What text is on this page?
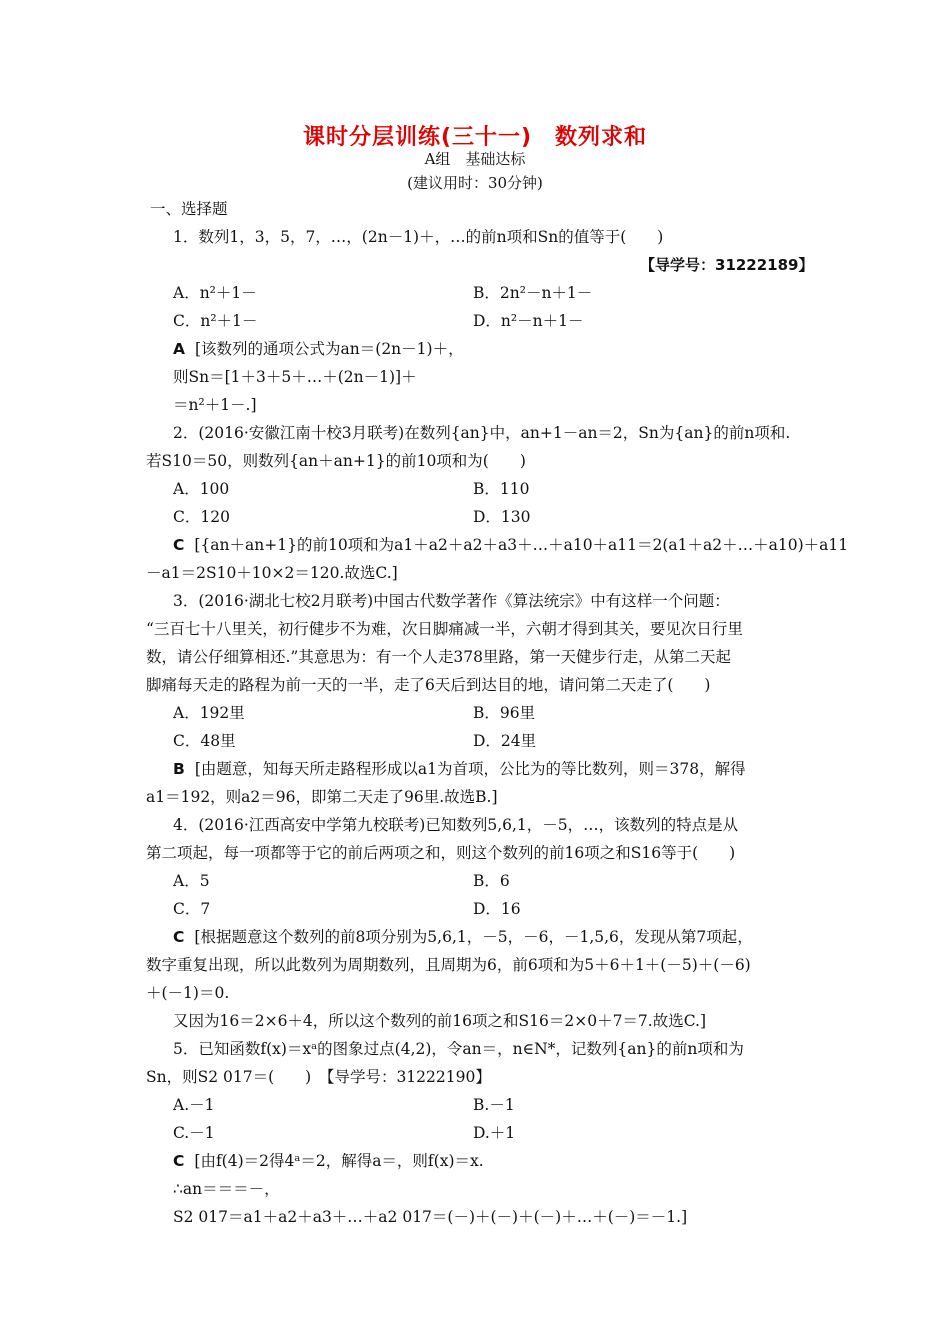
课时分层训练(三十一)　数列求和
A组　基础达标
(建议用时：30分钟)
一、选择题
1．数列1，3，5，7，…，(2n－1)＋，…的前n项和Sn的值等于(　　)
【导学号：31222189】
A．n²＋1－	B．2n²－n＋1－
C．n²＋1－	D．n²－n＋1－
A [该数列的通项公式为an＝(2n－1)＋，
则Sn＝[1＋3＋5＋…＋(2n－1)]＋
＝n²＋1－.]
2．(2016·安徽江南十校3月联考)在数列{an}中，an+1－an＝2，Sn为{an}的前n项和.
若S10＝50，则数列{an＋an+1}的前10项和为(　　)
A．100	B．110
C．120	D．130
C [{an＋an+1}的前10项和为a1＋a2＋a2＋a3＋…＋a10＋a11＝2(a1＋a2＋…＋a10)＋a11
－a1＝2S10＋10×2＝120.故选C.]
3．(2016·湖北七校2月联考)中国古代数学著作《算法统宗》中有这样一个问题：
“三百七十八里关，初行健步不为难，次日脚痛减一半，六朝才得到其关，要见次日行里
数，请公仔细算相还.”其意思为：有一个人走378里路，第一天健步行走，从第二天起
脚痛每天走的路程为前一天的一半，走了6天后到达目的地，请问第二天走了(　　)
A．192里	B．96里
C．48里	D．24里
B [由题意，知每天所走路程形成以a1为首项，公比为的等比数列，则＝378，解得
a1＝192，则a2＝96，即第二天走了96里.故选B.]
4．(2016·江西高安中学第九校联考)已知数列5,6,1，－5，…，该数列的特点是从
第二项起，每一项都等于它的前后两项之和，则这个数列的前16项之和S16等于(　　)
A．5	B．6
C．7	D．16
C [根据题意这个数列的前8项分别为5,6,1，－5，－6，－1,5,6，发现从第7项起，
数字重复出现，所以此数列为周期数列，且周期为6，前6项和为5＋6＋1＋(－5)＋(－6)
＋(－1)＝0.
又因为16＝2×6＋4，所以这个数列的前16项之和S16＝2×0＋7＝7.故选C.]
5．已知函数f(x)＝xᵃ的图象过点(4,2)，令an＝，n∈N*，记数列{an}的前n项和为
Sn，则S2 017＝(　　)　【导学号：31222190】
A.－1	B.－1
C.－1	D.＋1
C [由f(4)＝2得4ᵃ＝2，解得a＝，则f(x)＝x.
∴an＝＝＝－，
S2 017＝a1＋a2＋a3＋…＋a2 017＝(－)＋(－)＋(－)＋…＋(－)＝－1.]
